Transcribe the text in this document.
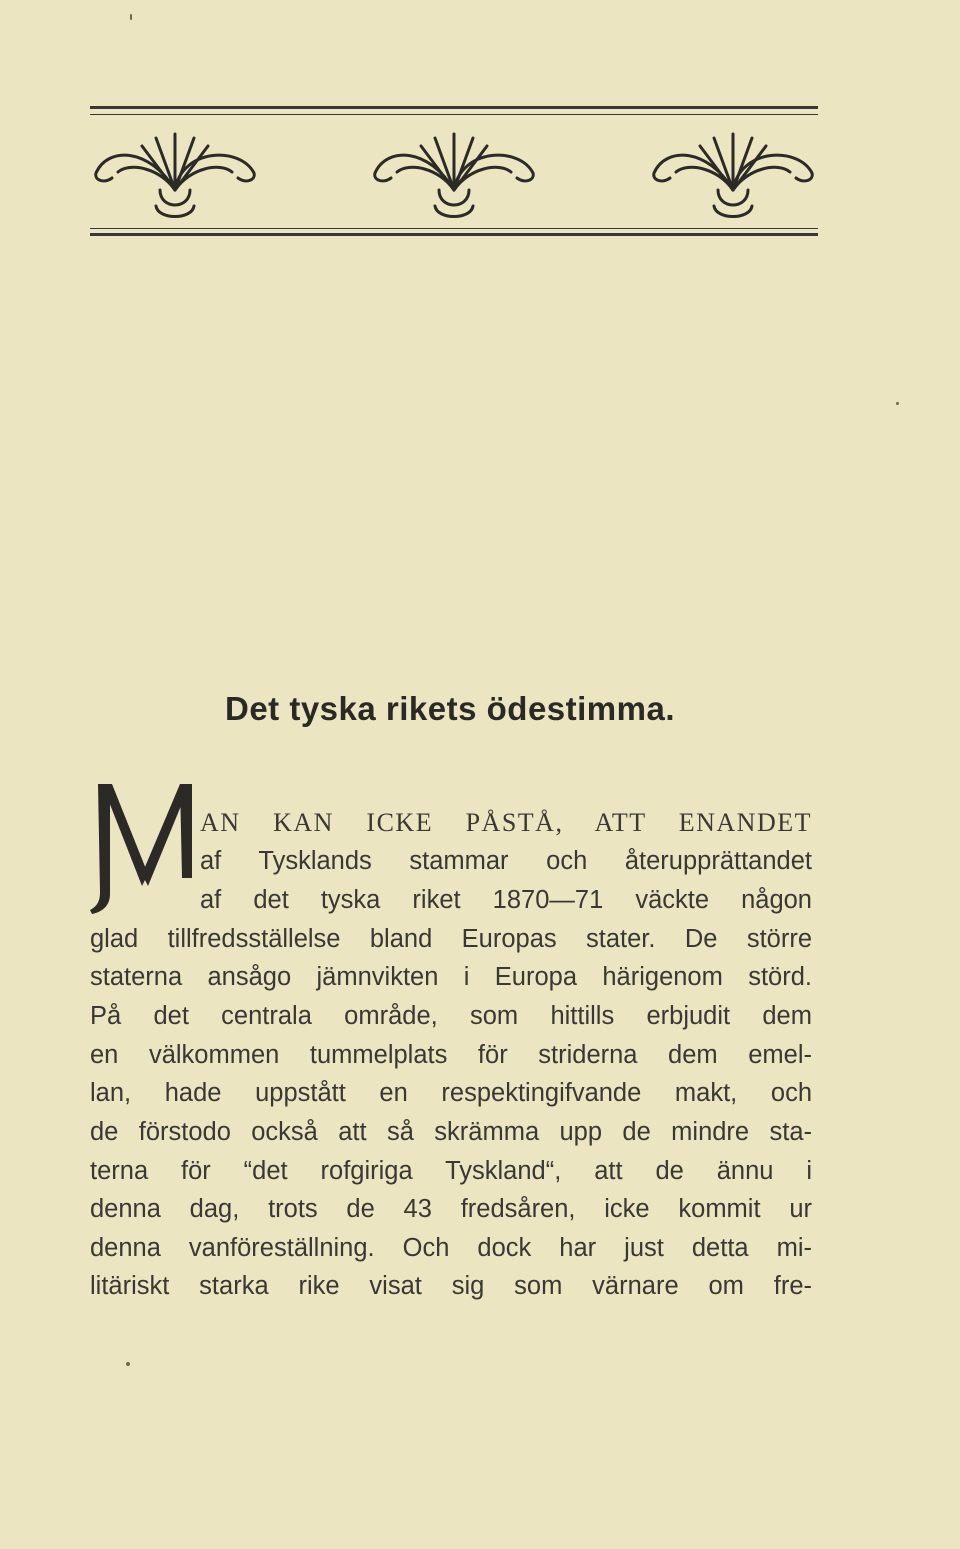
Det tyska rikets ödestimma.
AN KAN ICKE PÅSTÅ, ATT ENANDET
af Tysklands stammar och återupprättandet
af det tyska riket 1870—71 väckte någon
glad tillfredsställelse bland Europas stater. De större
staterna ansågo jämnvikten i Europa härigenom störd.
På det centrala område, som hittills erbjudit dem
en välkommen tummelplats för striderna dem emel-
lan, hade uppstått en respektingifvande makt, och
de förstodo också att så skrämma upp de mindre sta-
terna för “det rofgiriga Tyskland“, att de ännu i
denna dag, trots de 43 fredsåren, icke kommit ur
denna vanföreställning. Och dock har just detta mi-
litäriskt starka rike visat sig som värnare om fre-
